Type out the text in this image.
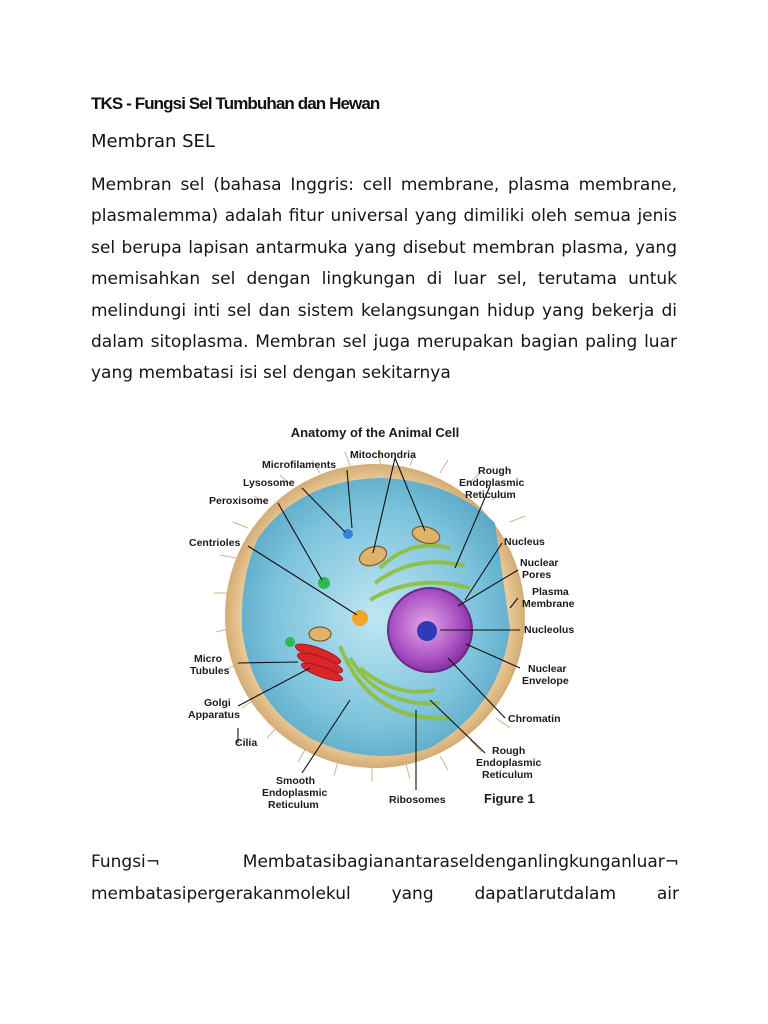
TKS - Fungsi Sel Tumbuhan dan Hewan
Membran SEL

Membran sel (bahasa Inggris: cell membrane, plasma membrane, plasmalemma) adalah fitur universal yang dimiliki oleh semua jenis sel berupa lapisan antarmuka yang disebut membran plasma, yang memisahkan sel dengan lingkungan di luar sel, terutama untuk melindungi inti sel dan sistem kelangsungan hidup yang bekerja di dalam sitoplasma. Membran sel juga merupakan bagian paling luar yang membatasi isi sel dengan sekitarnya

Anatomy of the Animal Cell
Microfilaments
Mitochondria
Lysosome
Peroxisome
Centrioles
Micro
Tubules
Golgi
Apparatus
Cilia
Smooth
Endoplasmic
Reticulum	Ribosomes	Figure 1
Rough
Endoplasmic
Reticulum
Nucleus
Nuclear
Pores
Plasma
Membrane
Nucleolus
Nuclear
Envelope
Chromatin
Rough
Endoplasmic
Reticulum
Fungsi¬	Membatasibagianantaraseldenganlingkunganluar¬
membatasipergerakanmolekul yang dapatlarutdalam air
